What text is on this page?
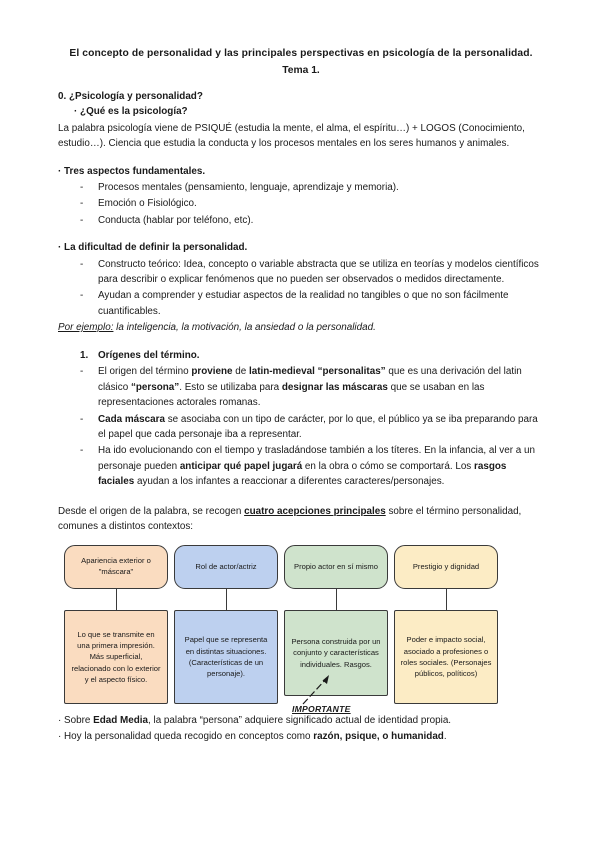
El concepto de personalidad y las principales perspectivas en psicología de la personalidad.
Tema 1.
0. ¿Psicología y personalidad?
· ¿Qué es la psicología?
La palabra psicología viene de PSIQUÉ (estudia la mente, el alma, el espíritu…) + LOGOS (Conocimiento, estudio…). Ciencia que estudia la conducta y los procesos mentales en los seres humanos y animales.
· Tres aspectos fundamentales.
- Procesos mentales (pensamiento, lenguaje, aprendizaje y memoria).
- Emoción o Fisiológico.
- Conducta (hablar por teléfono, etc).
· La dificultad de definir la personalidad.
- Constructo teórico: Idea, concepto o variable abstracta que se utiliza en teorías y modelos científicos para describir o explicar fenómenos que no pueden ser observados o medidos directamente.
- Ayudan a comprender y estudiar aspectos de la realidad no tangibles o que no son fácilmente cuantificables.
Por ejemplo: la inteligencia, la motivación, la ansiedad o la personalidad.
1. Orígenes del término.
- El origen del término proviene de latin-medieval “personalitas” que es una derivación del latin clásico “persona”. Esto se utilizaba para designar las máscaras que se usaban en las representaciones actorales romanas.
- Cada máscara se asociaba con un tipo de carácter, por lo que, el público ya se iba preparando para el papel que cada personaje iba a representar.
- Ha ido evolucionando con el tiempo y trasladándose también a los títeres. En la infancia, al ver a un personaje pueden anticipar qué papel jugará en la obra o cómo se comportará. Los rasgos faciales ayudan a los infantes a reaccionar a diferentes caracteres/personajes.
Desde el origen de la palabra, se recogen cuatro acepciones principales sobre el término personalidad, comunes a distintos contextos:
Apariencia exterior o "máscara"
Lo que se transmite en una primera impresión. Más superficial, relacionado con lo exterior y el aspecto físico.
Rol de actor/actriz
Papel que se representa en distintas situaciones. (Características de un personaje).
Propio actor en sí mismo
Persona construida por un conjunto y características individuales. Rasgos.
Prestigio y dignidad
Poder e impacto social, asociado a profesiones o roles sociales. (Personajes públicos, políticos)
IMPORTANTE
· Sobre Edad Media, la palabra “persona” adquiere significado actual de identidad propia.
· Hoy la personalidad queda recogido en conceptos como razón, psique, o humanidad.
